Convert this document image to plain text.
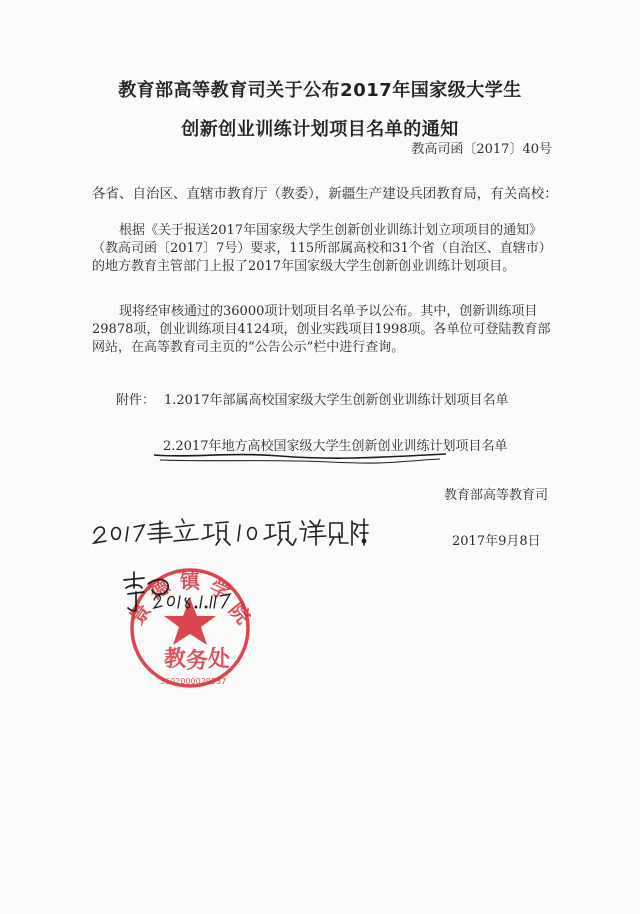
教育部高等教育司关于公布2017年国家级大学生
创新创业训练计划项目名单的通知
教高司函〔2017〕40号
各省、自治区、直辖市教育厅（教委），新疆生产建设兵团教育局，有关高校：
根据《关于报送2017年国家级大学生创新创业训练计划立项项目的通知》
（教高司函〔2017〕7号）要求，115所部属高校和31个省（自治区、直辖市）
的地方教育主管部门上报了2017年国家级大学生创新创业训练计划项目。
现将经审核通过的36000项计划项目名单予以公布。其中，创新训练项目
29878项，创业训练项目4124项，创业实践项目1998项。各单位可登陆教育部
网站，在高等教育司主页的“公告公示”栏中进行查询。
附件： 1.2017年部属高校国家级大学生创新创业训练计划项目名单
2.2017年地方高校国家级大学生创新创业训练计划项目名单
教育部高等教育司
2017年9月8日
景
德 镇 学
院
教 务 处
3602000029537
